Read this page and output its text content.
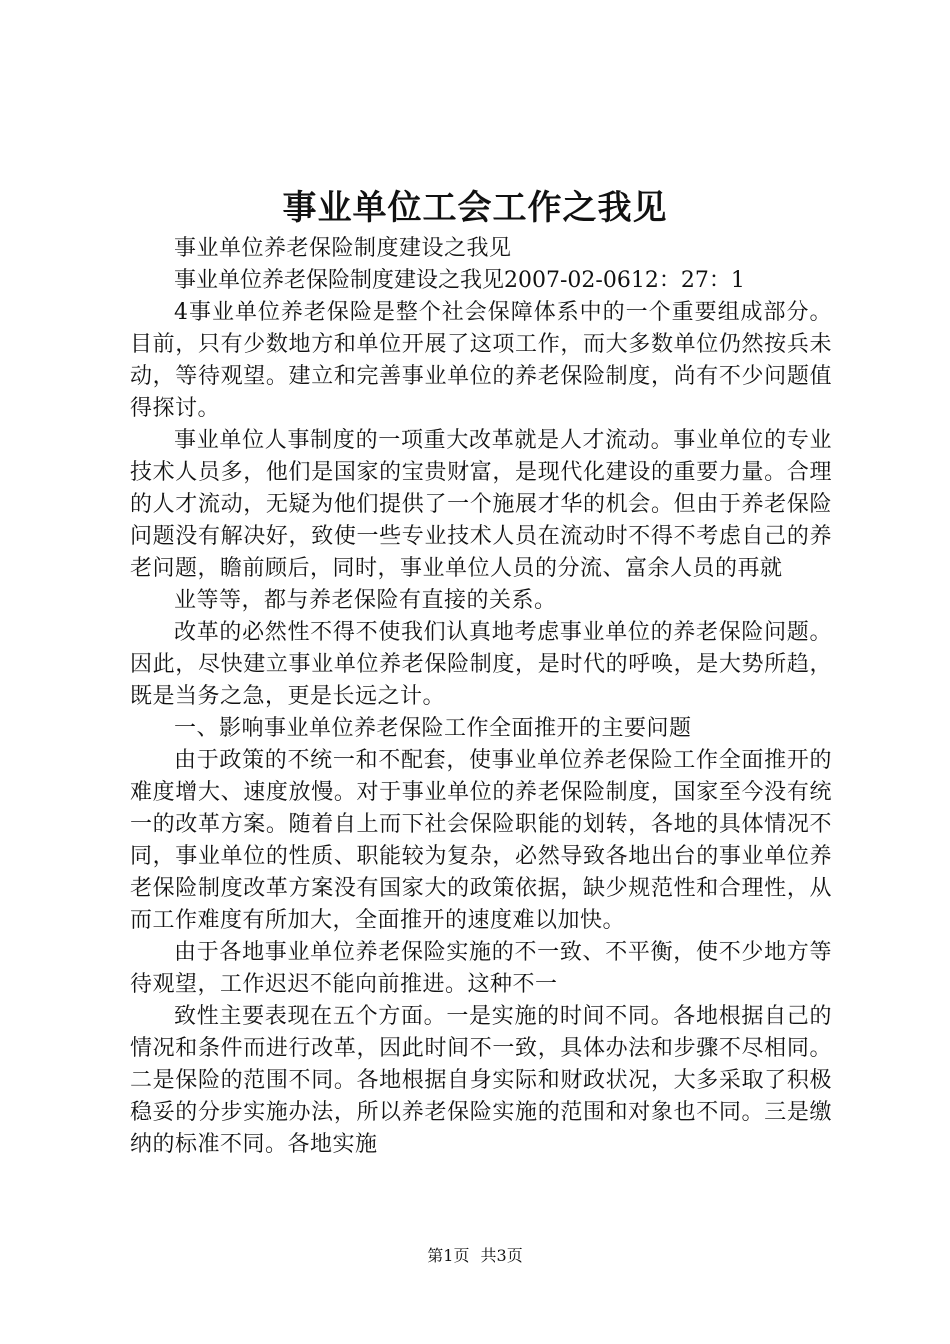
事业单位工会工作之我见

事业单位养老保险制度建设之我见

事业单位养老保险制度建设之我见2007-02-0612：27：1

4事业单位养老保险是整个社会保障体系中的一个重要组成部分。目前，只有少数地方和单位开展了这项工作，而大多数单位仍然按兵未动，等待观望。建立和完善事业单位的养老保险制度，尚有不少问题值得探讨。

事业单位人事制度的一项重大改革就是人才流动。事业单位的专业技术人员多，他们是国家的宝贵财富，是现代化建设的重要力量。合理的人才流动，无疑为他们提供了一个施展才华的机会。但由于养老保险问题没有解决好，致使一些专业技术人员在流动时不得不考虑自己的养老问题，瞻前顾后，同时，事业单位人员的分流、富余人员的再就

业等等，都与养老保险有直接的关系。

改革的必然性不得不使我们认真地考虑事业单位的养老保险问题。因此，尽快建立事业单位养老保险制度，是时代的呼唤，是大势所趋，既是当务之急，更是长远之计。

一、影响事业单位养老保险工作全面推开的主要问题

由于政策的不统一和不配套，使事业单位养老保险工作全面推开的难度增大、速度放慢。对于事业单位的养老保险制度，国家至今没有统一的改革方案。随着自上而下社会保险职能的划转，各地的具体情况不同，事业单位的性质、职能较为复杂，必然导致各地出台的事业单位养老保险制度改革方案没有国家大的政策依据，缺少规范性和合理性，从而工作难度有所加大，全面推开的速度难以加快。

由于各地事业单位养老保险实施的不一致、不平衡，使不少地方等待观望，工作迟迟不能向前推进。这种不一

致性主要表现在五个方面。一是实施的时间不同。各地根据自己的情况和条件而进行改革，因此时间不一致，具体办法和步骤不尽相同。二是保险的范围不同。各地根据自身实际和财政状况，大多采取了积极稳妥的分步实施办法，所以养老保险实施的范围和对象也不同。三是缴纳的标准不同。各地实施

第1页 共3页
